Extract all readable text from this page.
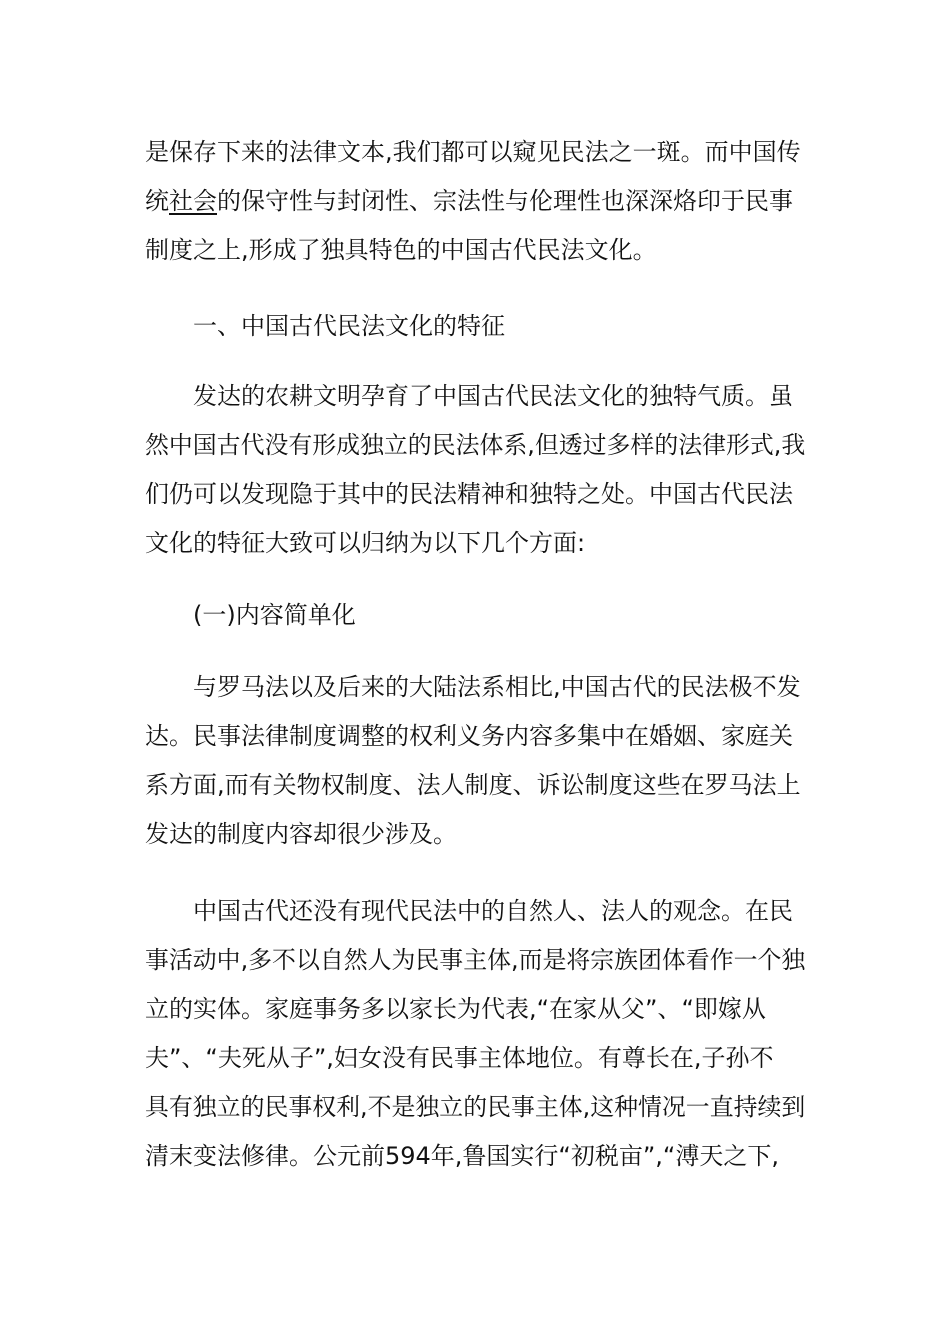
是保存下来的法律文本,我们都可以窥见民法之一斑。而中国传
统社会的保守性与封闭性、宗法性与伦理性也深深烙印于民事
制度之上,形成了独具特色的中国古代民法文化。
一、中国古代民法文化的特征
发达的农耕文明孕育了中国古代民法文化的独特气质。虽
然中国古代没有形成独立的民法体系,但透过多样的法律形式,我
们仍可以发现隐于其中的民法精神和独特之处。中国古代民法
文化的特征大致可以归纳为以下几个方面:
(一)内容简单化
与罗马法以及后来的大陆法系相比,中国古代的民法极不发
达。民事法律制度调整的权利义务内容多集中在婚姻、家庭关
系方面,而有关物权制度、法人制度、诉讼制度这些在罗马法上
发达的制度内容却很少涉及。
中国古代还没有现代民法中的自然人、法人的观念。在民
事活动中,多不以自然人为民事主体,而是将宗族团体看作一个独
立的实体。家庭事务多以家长为代表,“在家从父”、“即嫁从
夫”、“夫死从子”,妇女没有民事主体地位。有尊长在,子孙不
具有独立的民事权利,不是独立的民事主体,这种情况一直持续到
清末变法修律。公元前594年,鲁国实行“初税亩”,“溥天之下,
